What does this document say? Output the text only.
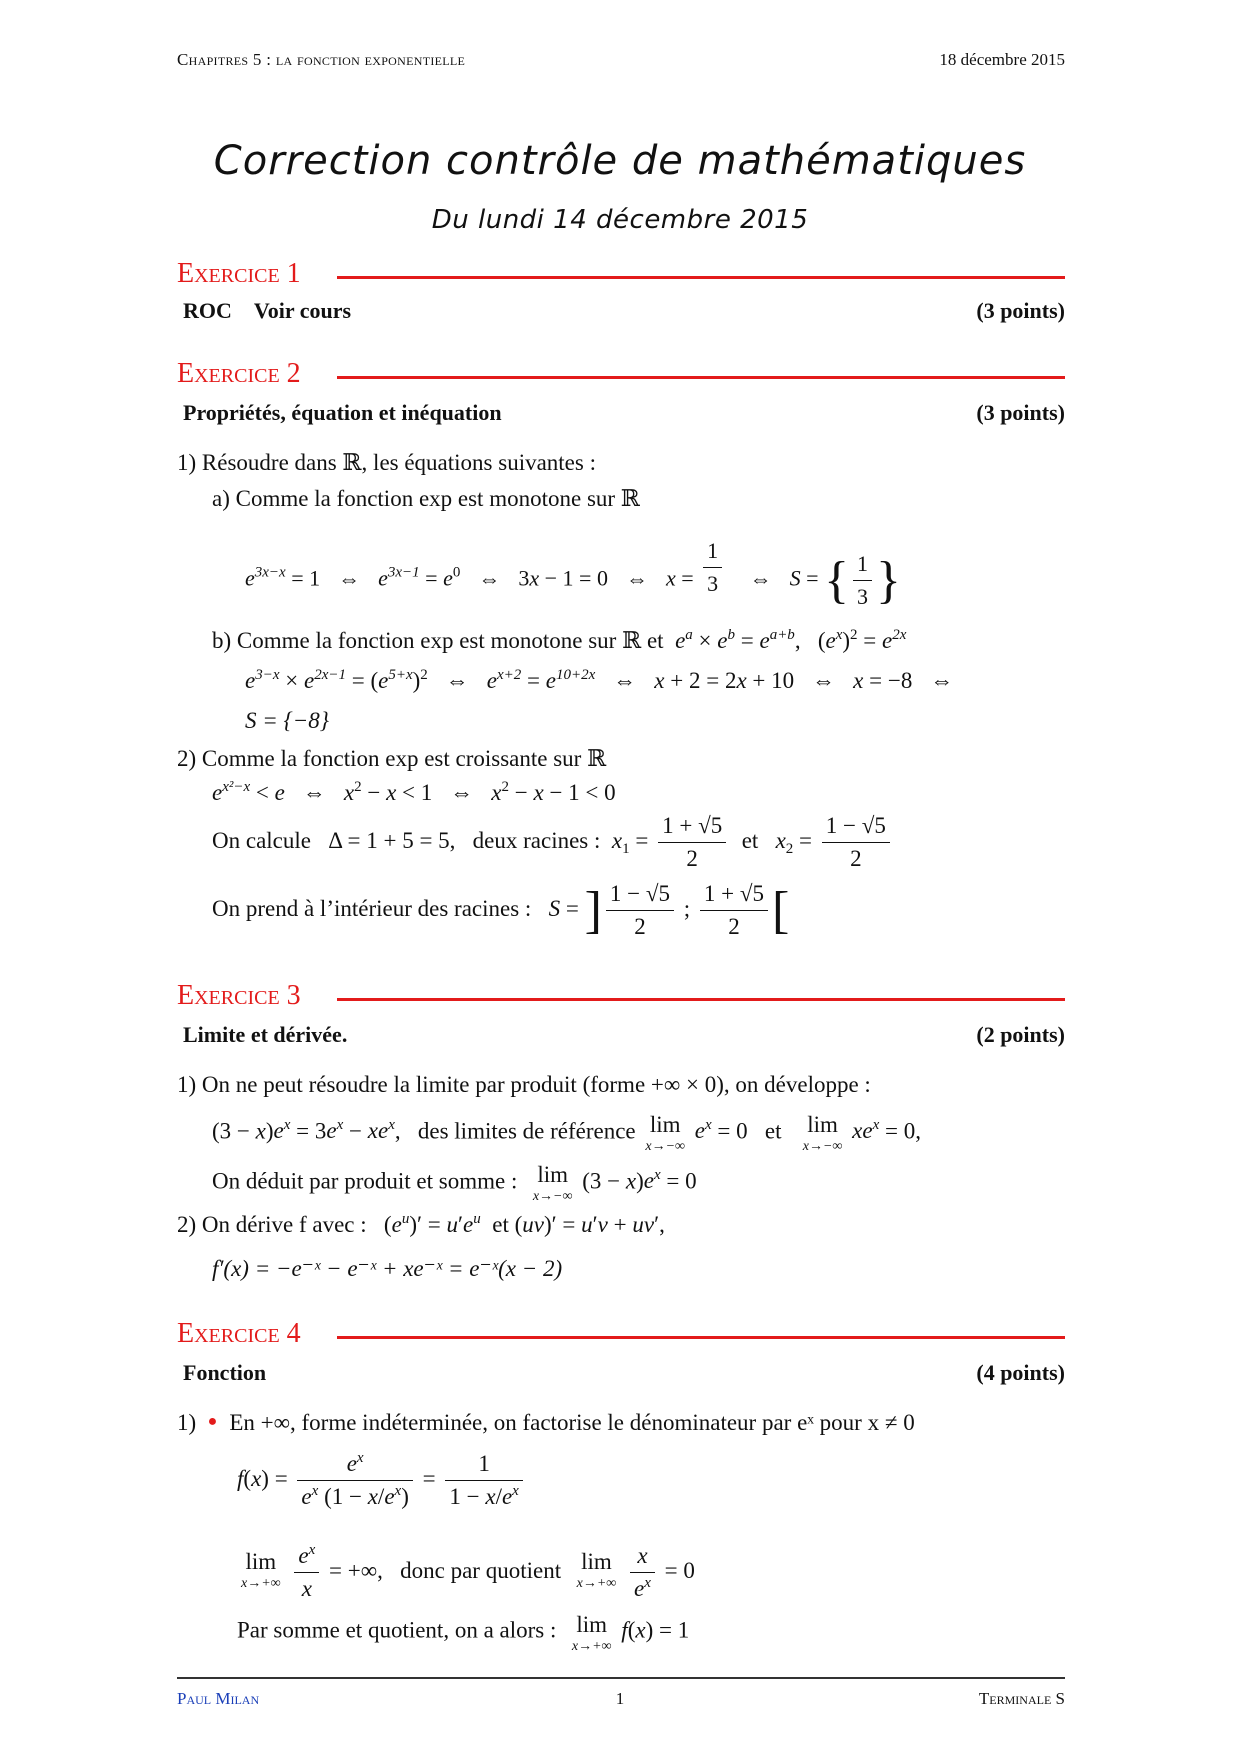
Chapitres 5 : la fonction exponentielle	18 décembre 2015
Correction contrôle de mathématiques
Du lundi 14 décembre 2015
Exercice 1
ROC Voir cours	(3 points)
Exercice 2
Propriétés, équation et inéquation	(3 points)
1) Résoudre dans ℝ, les équations suivantes :
a) Comme la fonction exp est monotone sur ℝ
$e^{3x-x} = 1$ ⇔ $e^{3x-1} = e^0$ ⇔ 3x − 1 = 0 ⇔ $x = \frac{1}{3}$ ⇔ S = { $\frac{1}{3}$ }
b) Comme la fonction exp est monotone sur ℝ et $e^a \times e^b = e^{a+b}$,   $(e^x)^2 = e^{2x}$
$e^{3-x} \times e^{2x-1} = (e^{5+x})^2$ ⇔ $e^{x+2} = e^{10+2x}$ ⇔ x + 2 = 2x + 10 ⇔ x = −8 ⇔
S = {−8}
2) Comme la fonction exp est croissante sur ℝ
$e^{x^2-x} < e$ ⇔ $x^2 - x < 1$ ⇔ $x^2 - x - 1 < 0$
On calcule Δ = 1 + 5 = 5, deux racines : $x_1 = \frac{1 + √5}{2}$ et $x_2 = \frac{1 - √5}{2}$
On prend à l’intérieur des racines : S = ] $\frac{1 - √5}{2}$ ; $\frac{1 + √5}{2}$ [
Exercice 3
Limite et dérivée.	(2 points)
1) On ne peut résoudre la limite par produit (forme +∞ × 0), on développe :
$(3 - x)e^x = 3e^x - xe^x$,   des limites de référence lim
x→−∞
$e^x = 0$   et lim
x→−∞
$xe^x = 0$,
On déduit par produit et somme : lim
x→−∞
$(3 - x)e^x = 0$
2) On dérive f avec :   $(e^u)' = u'e^u$  et (uv)′ = u′v + uv′,
f′(x) = −e⁻ˣ − e⁻ˣ + xe⁻ˣ = e⁻ˣ(x − 2)
Exercice 4
Fonction	(4 points)
1) ● En +∞, forme indéterminée, on factorise le dénominateur par eˣ pour x ≠ 0
$f(x) = \frac{e^x}{e^x (1 - x/e^x)} = \frac{1}{1 - x/e^x}$
lim
x→+∞
$\frac{e^x}{x}$ = +∞,   donc par quotient lim
x→+∞
$\frac{x}{e^x} = 0$
Par somme et quotient, on a alors : lim
x→+∞
f(x) = 1
Paul Milan	1	Terminale S
